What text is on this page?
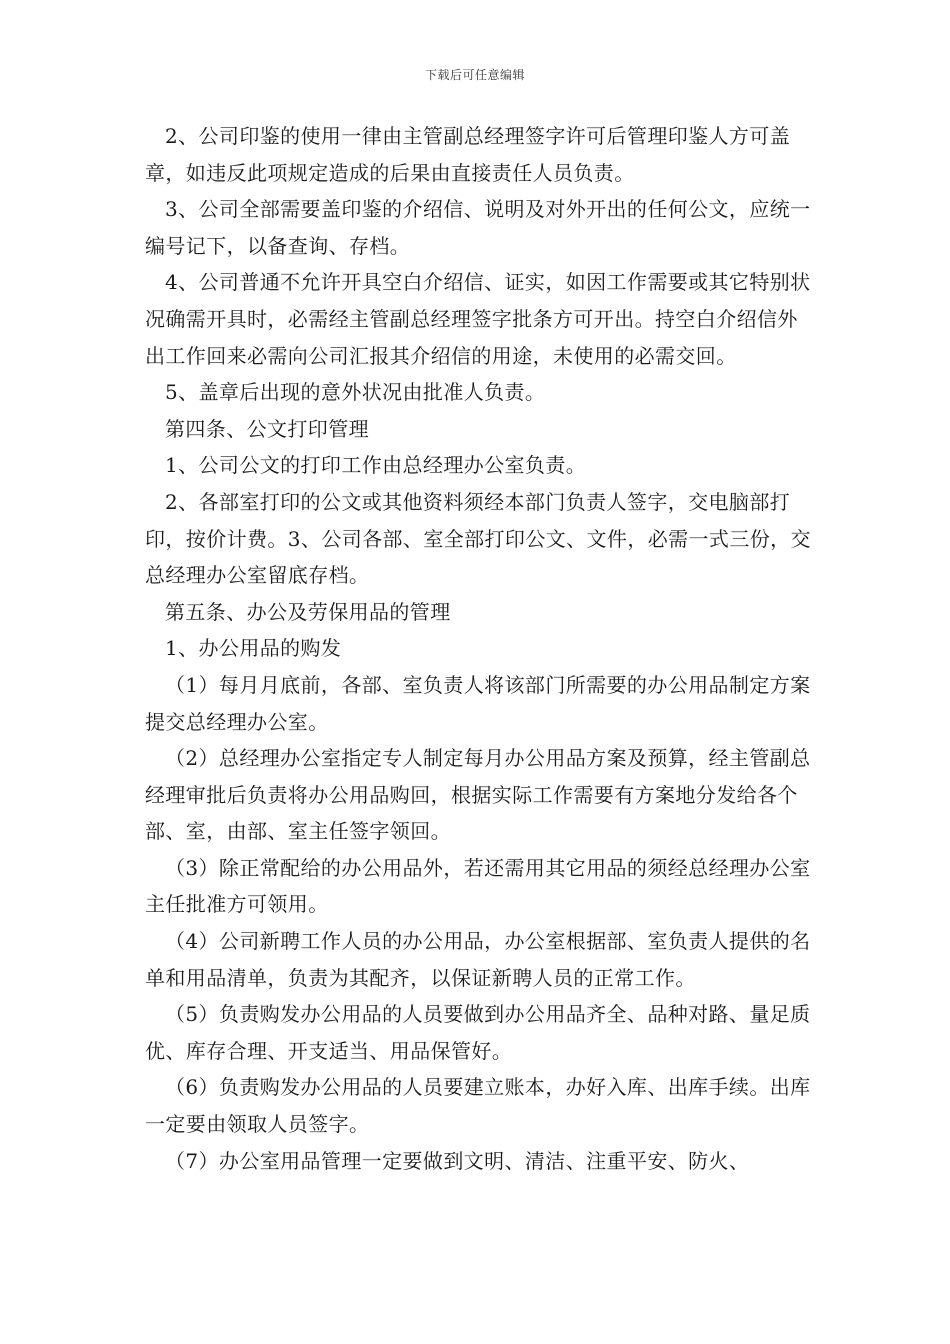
下载后可任意编辑

2、公司印鉴的使用一律由主管副总经理签字许可后管理印鉴人方可盖章，如违反此项规定造成的后果由直接责任人员负责。

3、公司全部需要盖印鉴的介绍信、说明及对外开出的任何公文，应统一编号记下，以备查询、存档。

4、公司普通不允许开具空白介绍信、证实，如因工作需要或其它特别状况确需开具时，必需经主管副总经理签字批条方可开出。持空白介绍信外出工作回来必需向公司汇报其介绍信的用途，未使用的必需交回。

5、盖章后出现的意外状况由批准人负责。

第四条、公文打印管理

1、公司公文的打印工作由总经理办公室负责。

2、各部室打印的公文或其他资料须经本部门负责人签字，交电脑部打印，按价计费。3、公司各部、室全部打印公文、文件，必需一式三份，交总经理办公室留底存档。

第五条、办公及劳保用品的管理

1、办公用品的购发

（1）每月月底前，各部、室负责人将该部门所需要的办公用品制定方案提交总经理办公室。

（2）总经理办公室指定专人制定每月办公用品方案及预算，经主管副总经理审批后负责将办公用品购回，根据实际工作需要有方案地分发给各个部、室，由部、室主任签字领回。

（3）除正常配给的办公用品外，若还需用其它用品的须经总经理办公室主任批准方可领用。

（4）公司新聘工作人员的办公用品，办公室根据部、室负责人提供的名单和用品清单，负责为其配齐，以保证新聘人员的正常工作。

（5）负责购发办公用品的人员要做到办公用品齐全、品种对路、量足质优、库存合理、开支适当、用品保管好。

（6）负责购发办公用品的人员要建立账本，办好入库、出库手续。出库一定要由领取人员签字。

（7）办公室用品管理一定要做到文明、清洁、注重平安、防火、
